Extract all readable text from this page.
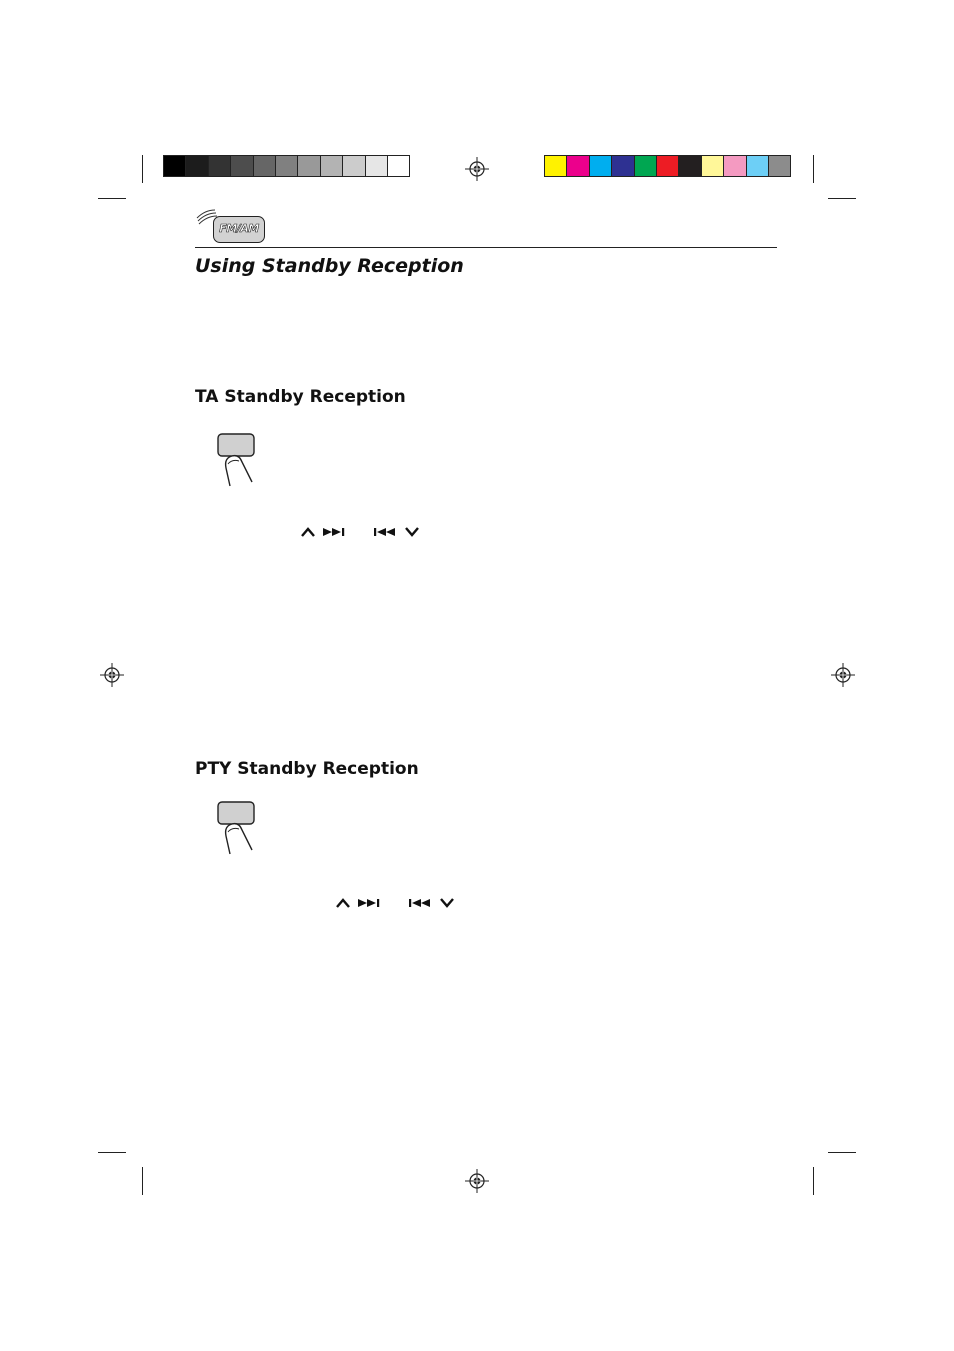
FM/AM
Using Standby Reception
TA Standby Reception
PTY Standby Reception
